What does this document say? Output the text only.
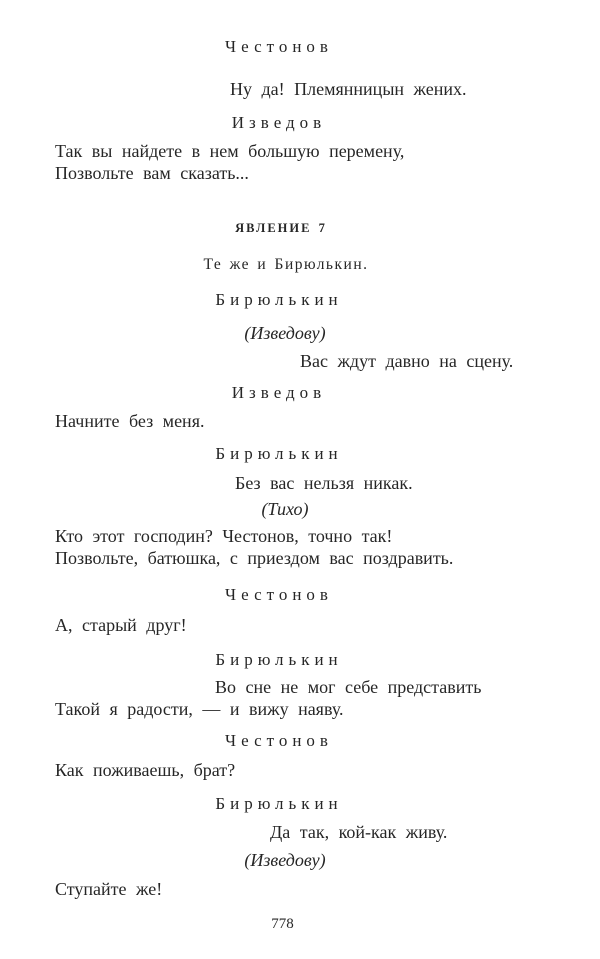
Честонов
Ну да! Племянницын жених.
Изведов
Так вы найдете в нем большую перемену,
Позвольте вам сказать...
ЯВЛЕНИЕ 7
Те же и Бирюлькин.
Бирюлькин
(Изведову)
Вас ждут давно на сцену.
Изведов
Начните без меня.
Бирюлькин
Без вас нельзя никак.
(Тихо)
Кто этот господин? Честонов, точно так!
Позвольте, батюшка, с приездом вас поздравить.
Честонов
А, старый друг!
Бирюлькин
Во сне не мог себе представить
Такой я радости, — и вижу наяву.
Честонов
Как поживаешь, брат?
Бирюлькин
Да так, кой-как живу.
(Изведову)
Ступайте же!
778
